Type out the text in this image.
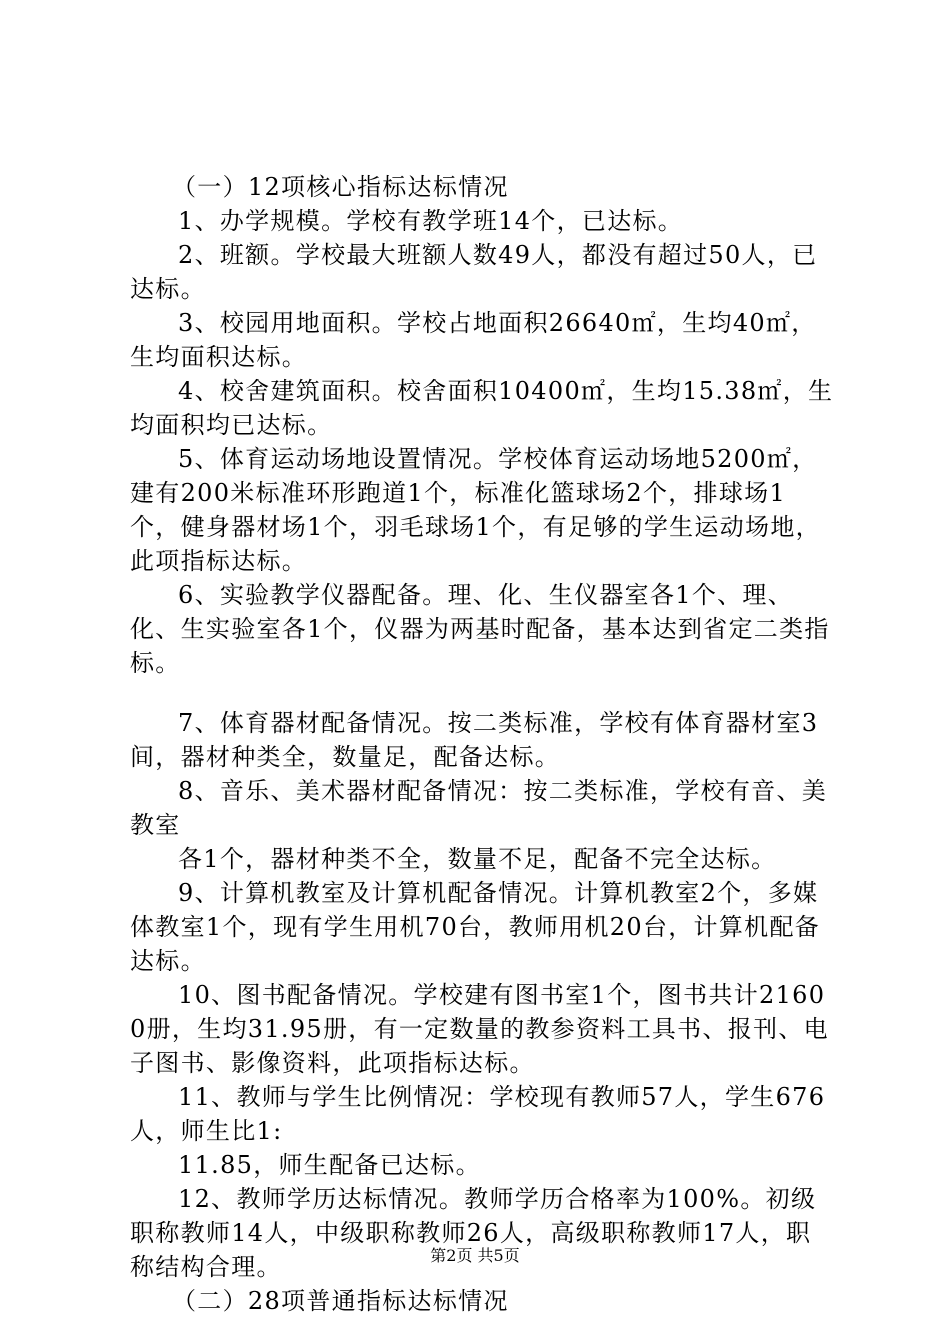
（一）12项核心指标达标情况

1、办学规模。学校有教学班14个，已达标。

2、班额。学校最大班额人数49人，都没有超过50人，已达标。

3、校园用地面积。学校占地面积26640㎡，生均40㎡，生均面积达标。

4、校舍建筑面积。校舍面积10400㎡，生均15.38㎡，生均面积均已达标。

5、体育运动场地设置情况。学校体育运动场地5200㎡，建有200米标准环形跑道1个，标准化篮球场2个，排球场1个，健身器材场1个，羽毛球场1个，有足够的学生运动场地，此项指标达标。

6、实验教学仪器配备。理、化、生仪器室各1个、理、化、生实验室各1个，仪器为两基时配备，基本达到省定二类指标。

7、体育器材配备情况。按二类标准，学校有体育器材室3间，器材种类全，数量足，配备达标。

8、音乐、美术器材配备情况：按二类标准，学校有音、美教室

各1个，器材种类不全，数量不足，配备不完全达标。

9、计算机教室及计算机配备情况。计算机教室2个，多媒体教室1个，现有学生用机70台，教师用机20台，计算机配备达标。

10、图书配备情况。学校建有图书室1个，图书共计21600册，生均31.95册，有一定数量的教参资料工具书、报刊、电子图书、影像资料，此项指标达标。

11、教师与学生比例情况：学校现有教师57人，学生676人，师生比1:

11.85，师生配备已达标。

12、教师学历达标情况。教师学历合格率为100%。初级职称教师14人，中级职称教师26人，高级职称教师17人，职称结构合理。

（二）28项普通指标达标情况

第2页 共5页
